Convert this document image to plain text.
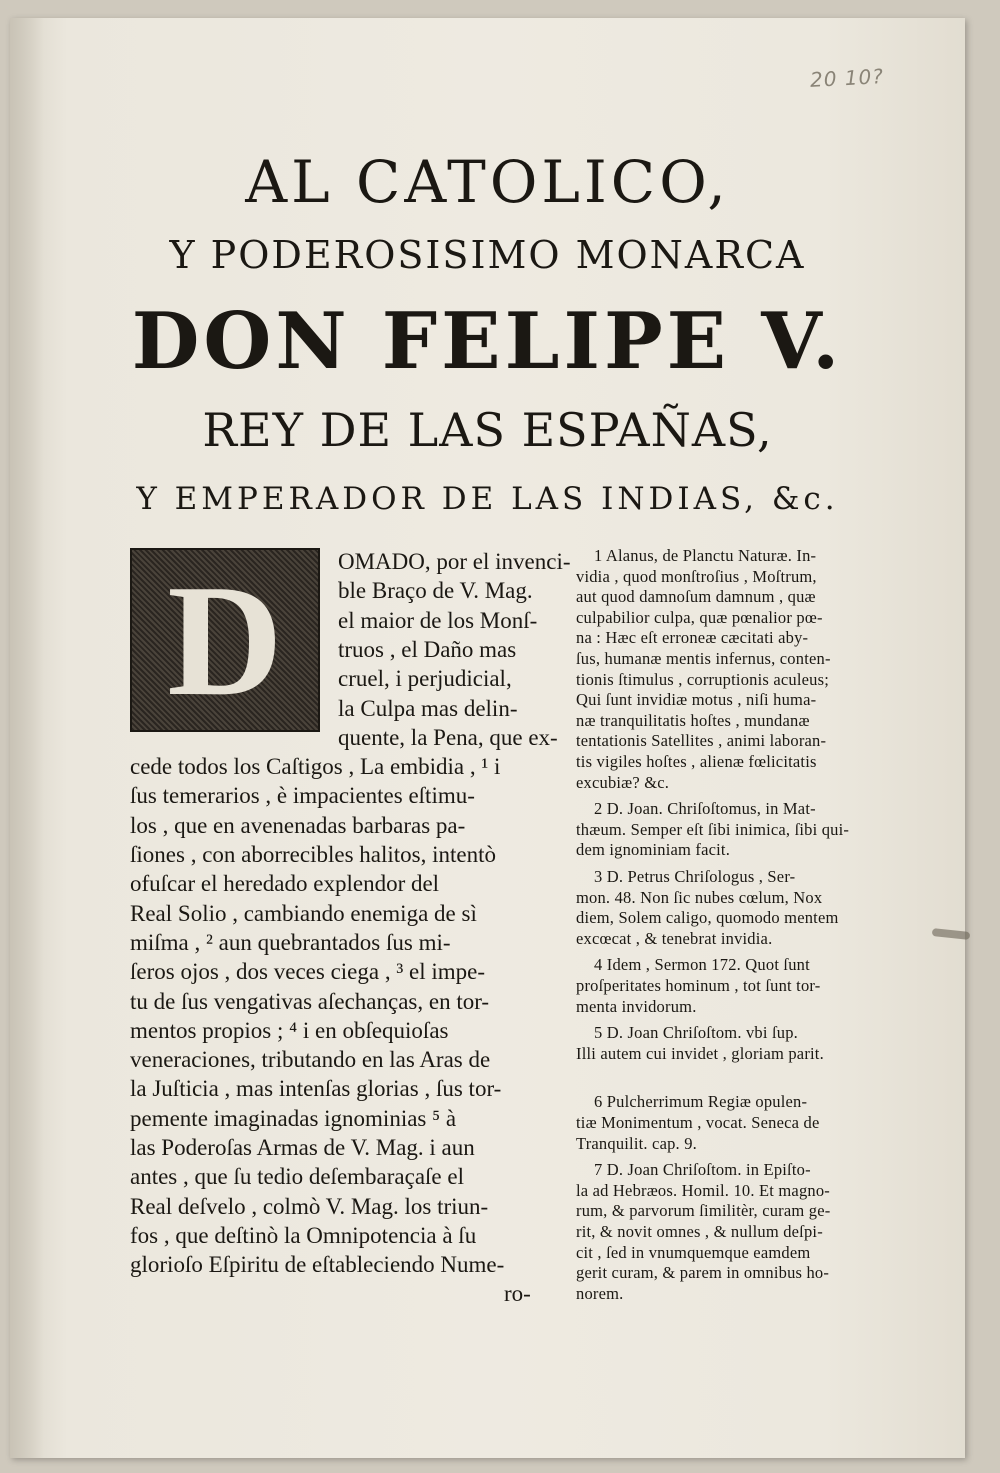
20 10?
AL CATOLICO,
Y PODEROSISIMO MONARCA
DON FELIPE V.
REY DE LAS ESPAÑAS,
Y EMPERADOR DE LAS INDIAS, &c.
D	OMADO, por el invenci-
ble Braço de V. Mag.
el maior de los Monſ-
truos , el Daño mas
cruel, i perjudicial,
la Culpa mas delin-
quente, la Pena, que ex-
cede todos los Caſtigos , La embidia , ¹ i
ſus temerarios , è impacientes eſtimu-
los , que en avenenadas barbaras pa-
ſiones , con aborrecibles halitos, intentò
ofuſcar el heredado explendor del
Real Solio , cambiando enemiga de sì
miſma , ² aun quebrantados ſus mi-
ſeros ojos , dos veces ciega , ³ el impe-
tu de ſus vengativas aſechanças, en tor-
mentos propios ; ⁴ i en obſequioſas
veneraciones, tributando en las Aras de
la Juſticia , mas intenſas glorias , ſus tor-
pemente imaginadas ignominias ⁵ à
las Poderoſas Armas de V. Mag. i aun
antes , que ſu tedio deſembaraçaſe el
Real deſvelo , colmò V. Mag. los triun-
fos , que deſtinò la Omnipotencia à ſu
glorioſo Eſpiritu de eſtableciendo Nume-
1 Alanus, de Planctu Naturæ. In-
vidia , quod monſtroſius , Moſtrum,
aut quod damnoſum damnum , quæ
culpabilior culpa, quæ pœnalior pœ-
na : Hæc eſt erroneæ cæcitati aby-
ſus, humanæ mentis infernus, conten-
tionis ſtimulus , corruptionis aculeus;
Qui ſunt invidiæ motus , niſi huma-
næ tranquilitatis hoſtes , mundanæ
tentationis Satellites , animi laboran-
tis vigiles hoſtes , alienæ fœlicitatis
excubiæ? &c.
2 D. Joan. Chriſoſtomus, in Mat-
thæum. Semper eſt ſibi inimica, ſibi qui-
dem ignominiam facit.
3 D. Petrus Chriſologus , Ser-
mon. 48. Non ſic nubes cœlum, Nox
diem, Solem caligo, quomodo mentem
excœcat , & tenebrat invidia.
4 Idem , Sermon 172. Quot ſunt
proſperitates hominum , tot ſunt tor-
menta invidorum.
5 D. Joan Chriſoſtom. vbi ſup.
Illi autem cui invidet , gloriam parit.
6 Pulcherrimum Regiæ opulen-
tiæ Monimentum , vocat. Seneca de
Tranquilit. cap. 9.
7 D. Joan Chriſoſtom. in Epiſto-
la ad Hebræos. Homil. 10. Et magno-
rum, & parvorum ſimilitèr, curam ge-
rit, & novit omnes , & nullum deſpi-
cit , ſed in vnumquemque eamdem
gerit curam, & parem in omnibus ho-
norem.
ro-
